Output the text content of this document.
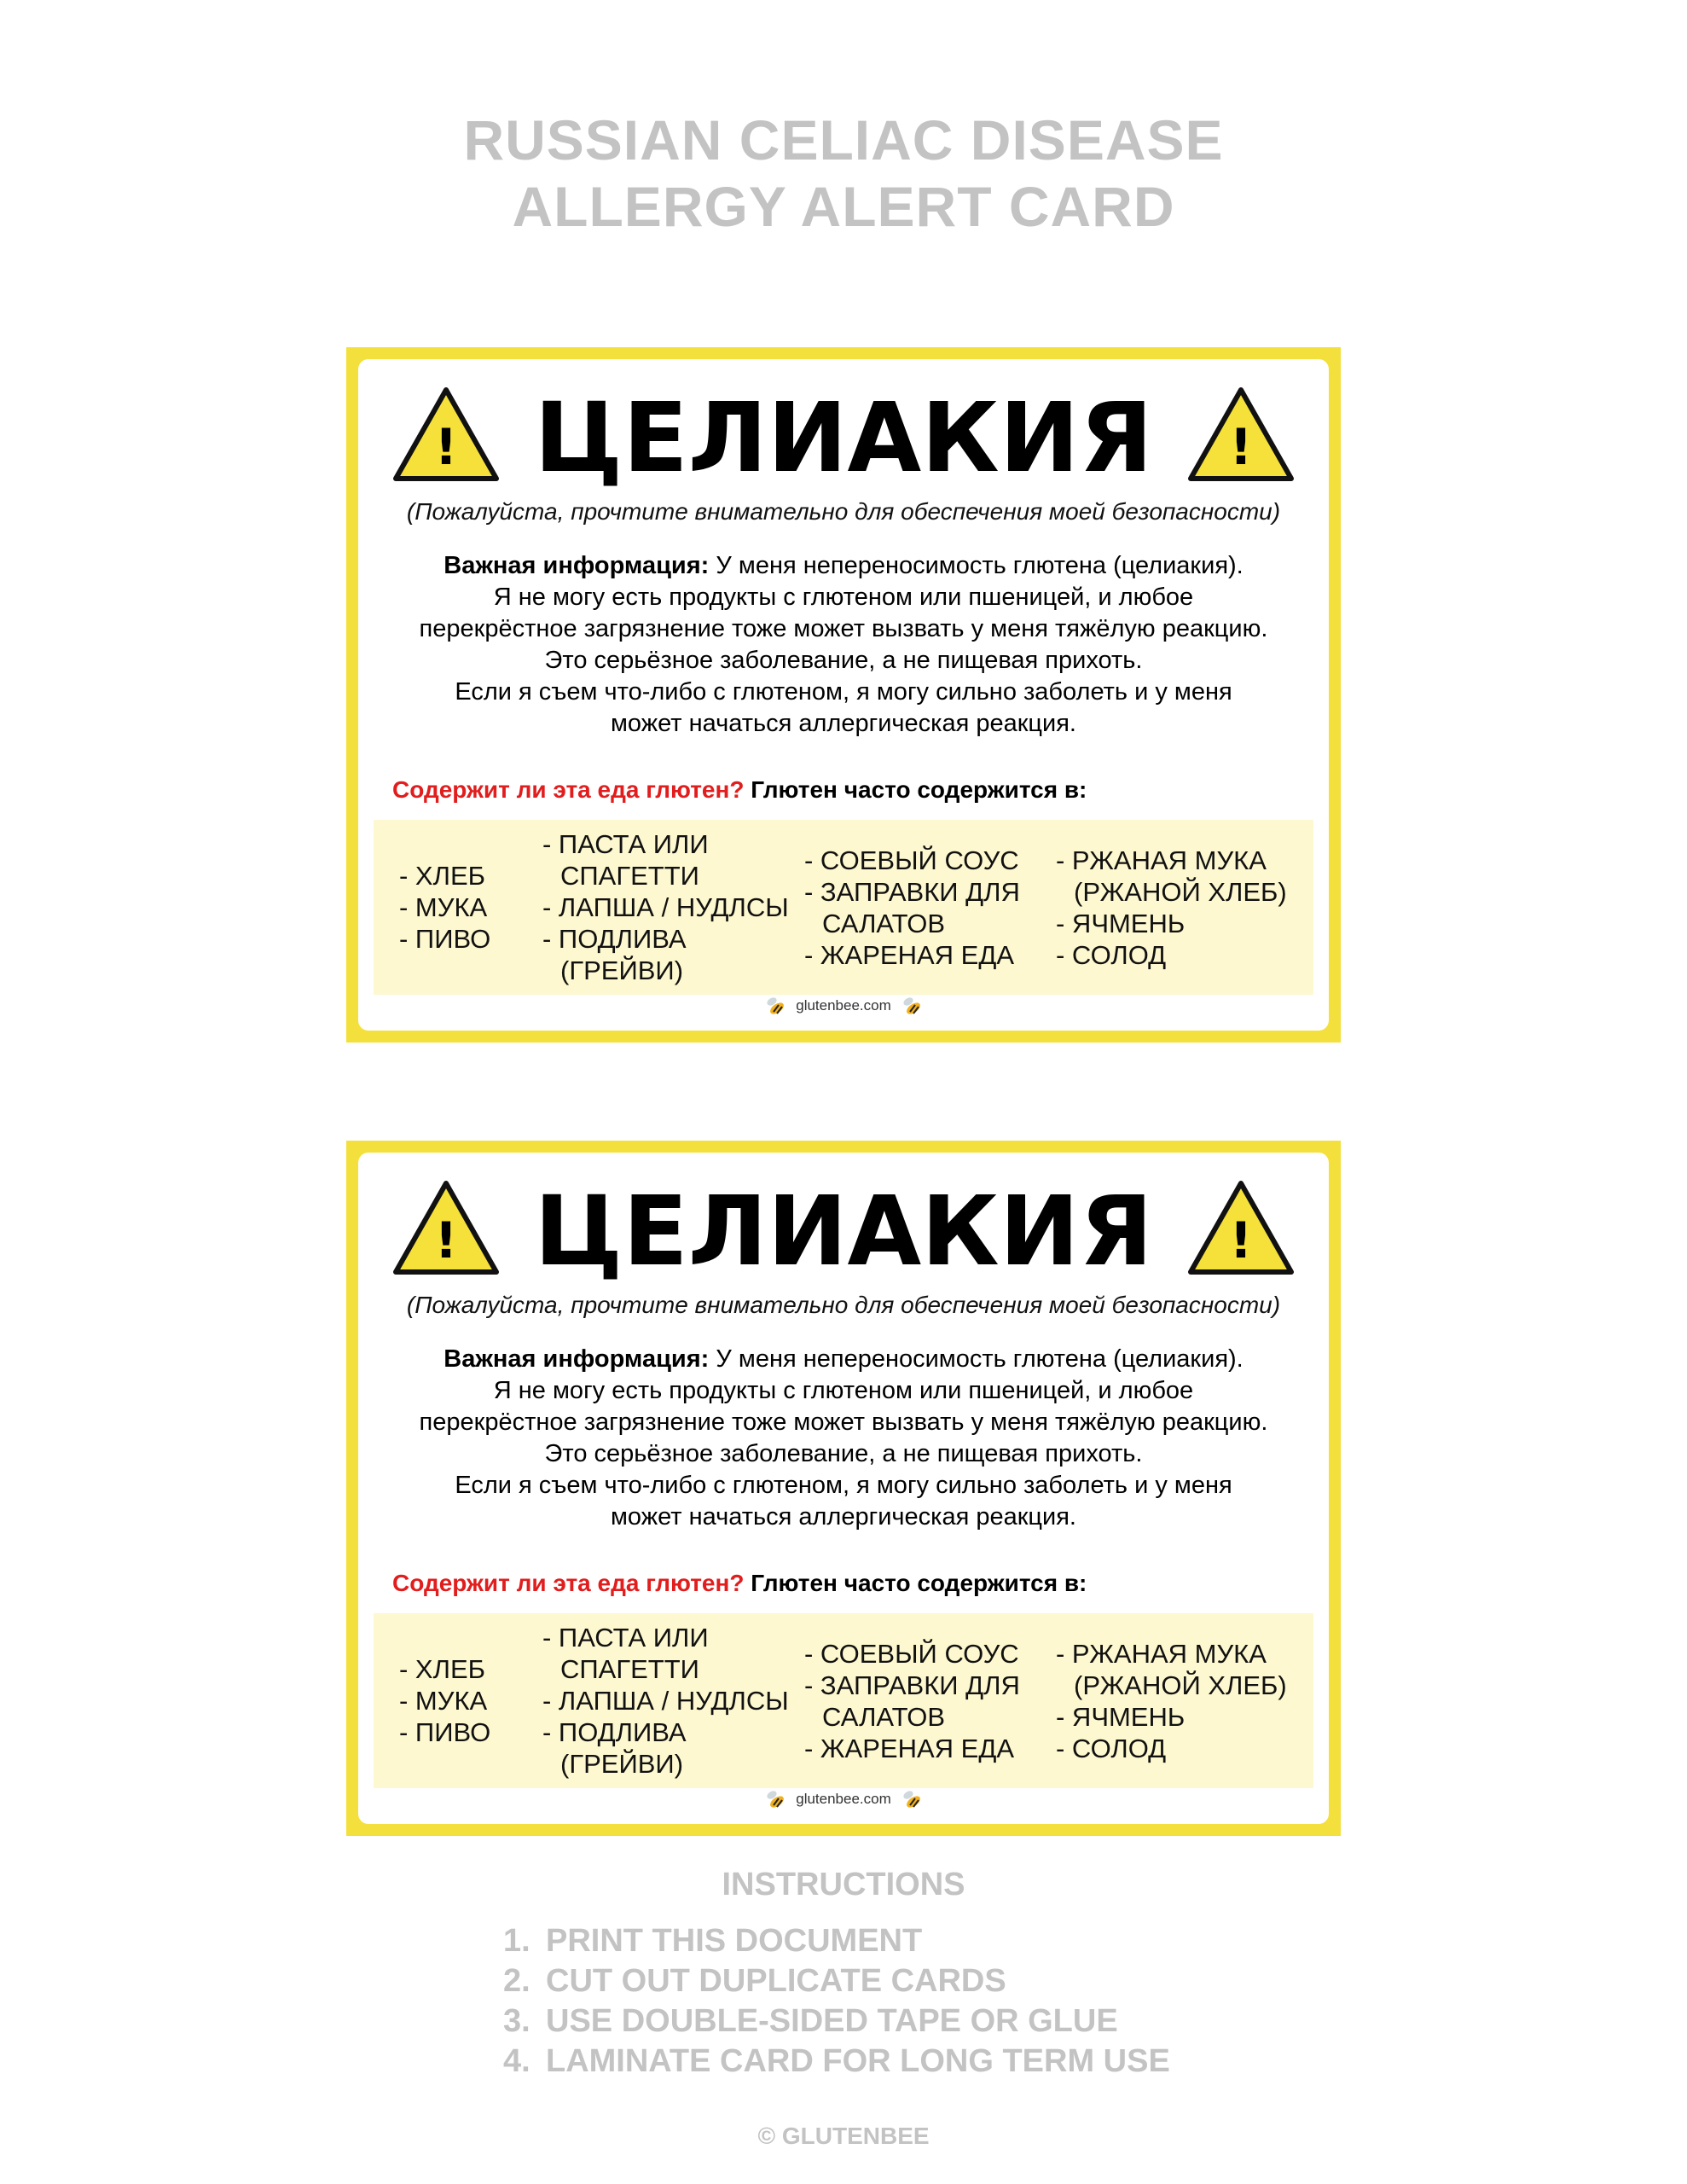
RUSSIAN CELIAC DISEASE
ALLERGY ALERT CARD
! ЦЕЛИАКИЯ	!
(Пожалуйста, прочтите внимательно для обеспечения моей безопасности)
Важная информация: У меня непереносимость глютена (целиакия).
Я не могу есть продукты с глютеном или пшеницей, и любое
перекрёстное загрязнение тоже может вызвать у меня тяжёлую реакцию.
Это серьёзное заболевание, а не пищевая прихоть.
Если я съем что-либо с глютеном, я могу сильно заболеть и у меня
может начаться аллергическая реакция.
Содержит ли эта еда глютен? Глютен часто содержится в:
- ХЛЕБ
- МУКА
- ПИВО
- ПАСТА ИЛИ СПАГЕТТИ
- ЛАПША / НУДЛСЫ
- ПОДЛИВА (ГРЕЙВИ)
- СОЕВЫЙ СОУС
- ЗАПРАВКИ ДЛЯ САЛАТОВ
- ЖАРЕНАЯ ЕДА
- РЖАНАЯ МУКА (РЖАНОЙ ХЛЕБ)
- ЯЧМЕНЬ
- СОЛОД
glutenbee.com
! ЦЕЛИАКИЯ	!
(Пожалуйста, прочтите внимательно для обеспечения моей безопасности)
Важная информация: У меня непереносимость глютена (целиакия).
Я не могу есть продукты с глютеном или пшеницей, и любое
перекрёстное загрязнение тоже может вызвать у меня тяжёлую реакцию.
Это серьёзное заболевание, а не пищевая прихоть.
Если я съем что-либо с глютеном, я могу сильно заболеть и у меня
может начаться аллергическая реакция.
Содержит ли эта еда глютен? Глютен часто содержится в:
- ХЛЕБ
- МУКА
- ПИВО
- ПАСТА ИЛИ СПАГЕТТИ
- ЛАПША / НУДЛСЫ
- ПОДЛИВА (ГРЕЙВИ)
- СОЕВЫЙ СОУС
- ЗАПРАВКИ ДЛЯ САЛАТОВ
- ЖАРЕНАЯ ЕДА
- РЖАНАЯ МУКА (РЖАНОЙ ХЛЕБ)
- ЯЧМЕНЬ
- СОЛОД
glutenbee.com
INSTRUCTIONS
1. PRINT THIS DOCUMENT
2. CUT OUT DUPLICATE CARDS
3. USE DOUBLE-SIDED TAPE OR GLUE
4. LAMINATE CARD FOR LONG TERM USE
© GLUTENBEE
